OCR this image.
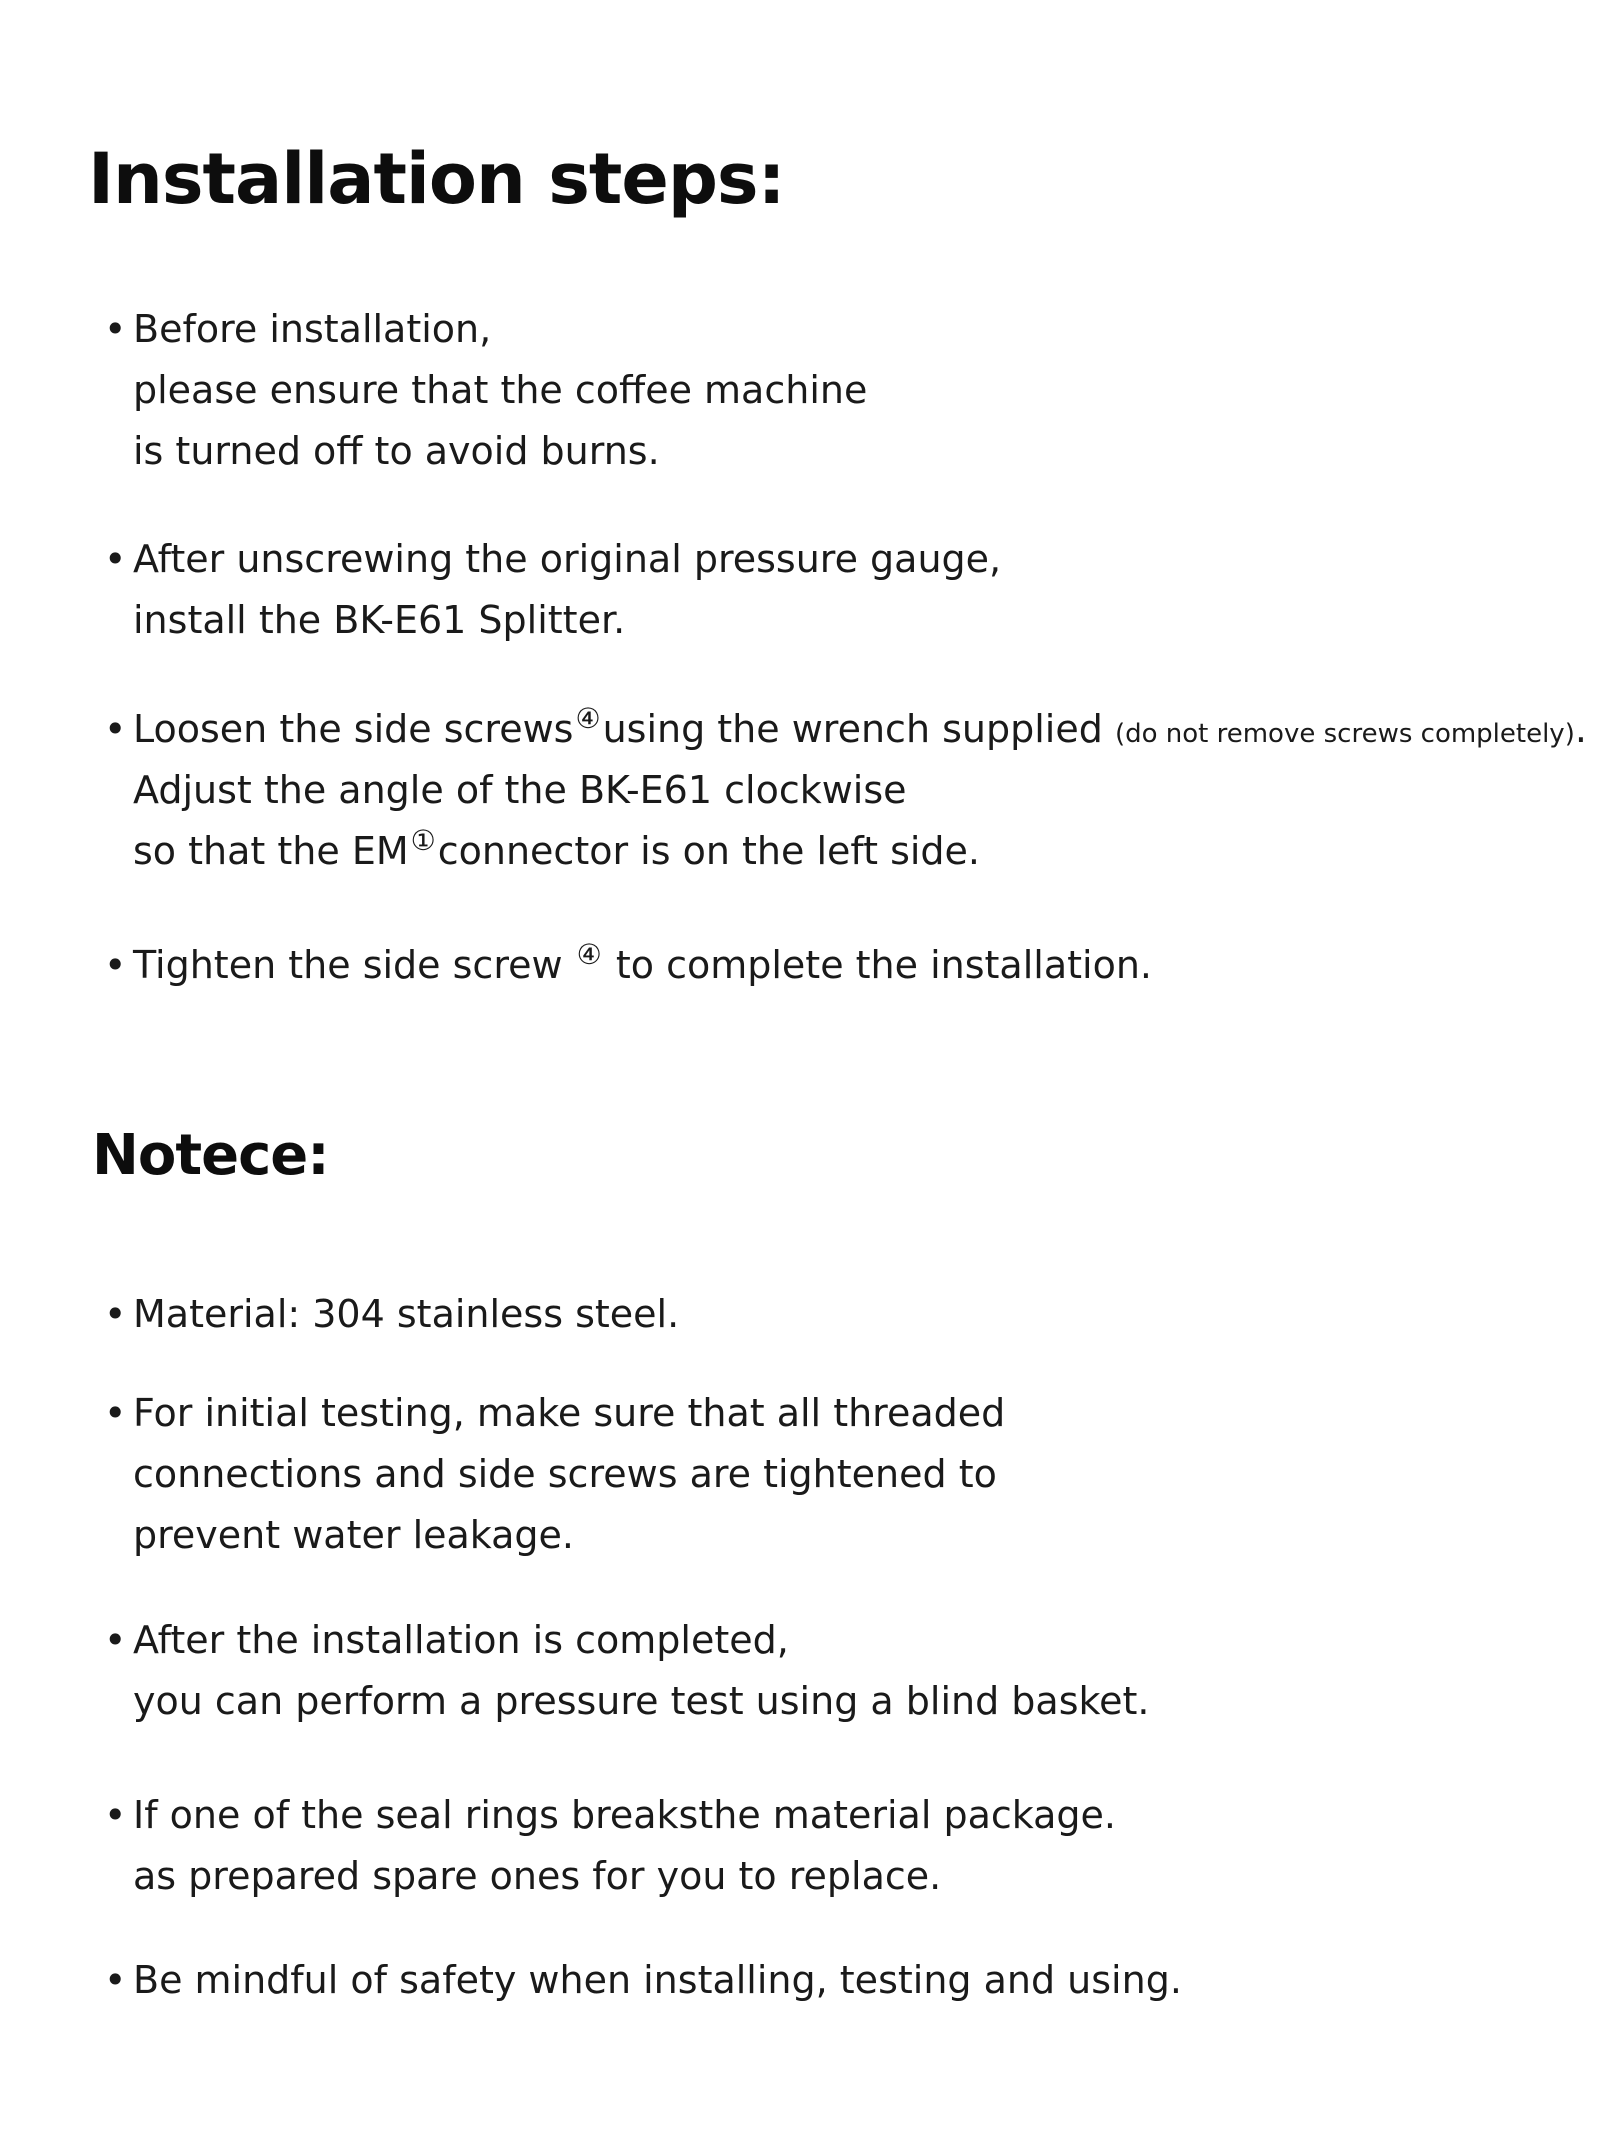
Installation steps:
• Before installation,
please ensure that the coffee machine
is turned off to avoid burns.
• After unscrewing the original pressure gauge,
install the BK-E61 Splitter.
• Loosen the side screws④using the wrench supplied (do not remove screws completely).
Adjust the angle of the BK-E61 clockwise
so that the EM①connector is on the left side.
• Tighten the side screw ④ to complete the installation.
Notece:
• Material: 304 stainless steel.
• For initial testing, make sure that all threaded
connections and side screws are tightened to
prevent water leakage.
• After the installation is completed,
you can perform a pressure test using a blind basket.
• If one of the seal rings breaksthe material package.
as prepared spare ones for you to replace.
• Be mindful of safety when installing, testing and using.
